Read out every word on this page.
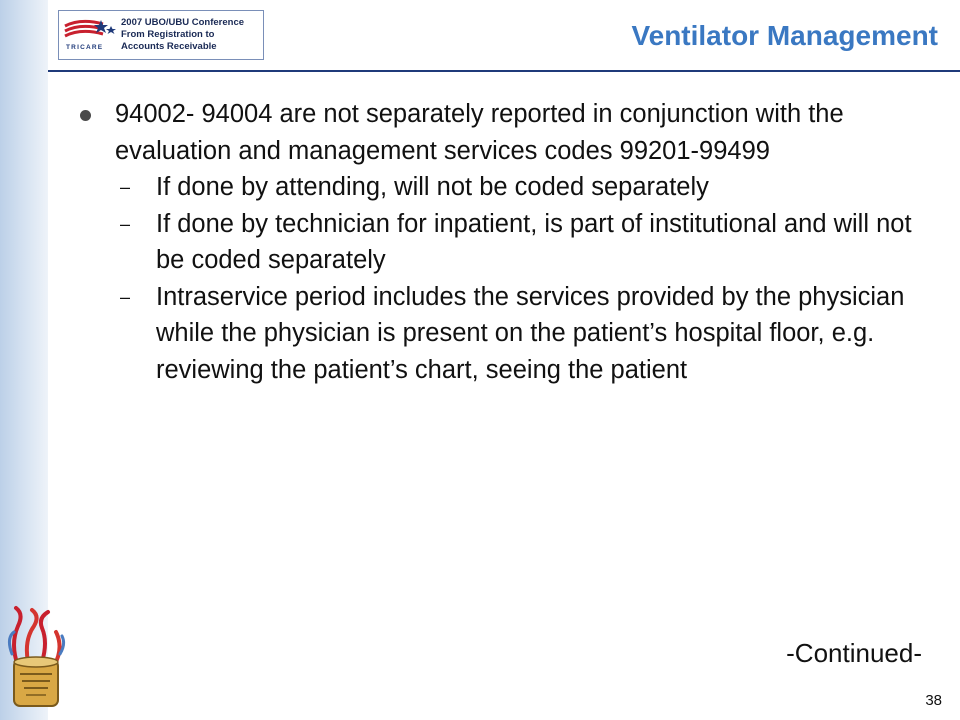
TRICARE
2007 UBO/UBU Conference
From Registration to
Accounts Receivable	Ventilator Management
94002- 94004 are not separately reported in conjunction with the evaluation and management services codes 99201-99499
– If done by attending, will not be coded separately
– If done by technician for inpatient, is part of institutional and will not be coded separately
– Intraservice period includes the services provided by the physician while the physician is present on the patient’s hospital floor, e.g. reviewing the patient’s chart, seeing the patient
-Continued-
38
